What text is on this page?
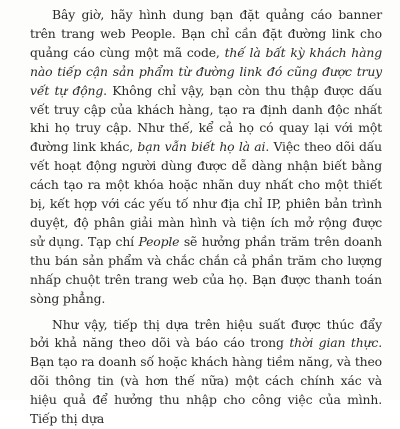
Bây giờ, hãy hình dung bạn đặt quảng cáo banner trên trang web People. Bạn chỉ cần đặt đường link cho quảng cáo cùng một mã code, thế là bất kỳ khách hàng nào tiếp cận sản phẩm từ đường link đó cũng được truy vết tự động. Không chỉ vậy, bạn còn thu thập được dấu vết truy cập của khách hàng, tạo ra định danh độc nhất khi họ truy cập. Như thế, kể cả họ có quay lại với một đường link khác, bạn vẫn biết họ là ai. Việc theo dõi dấu vết hoạt động người dùng được dễ dàng nhận biết bằng cách tạo ra một khóa hoặc nhãn duy nhất cho một thiết bị, kết hợp với các yếu tố như địa chỉ IP, phiên bản trình duyệt, độ phân giải màn hình và tiện ích mở rộng được sử dụng. Tạp chí People sẽ hưởng phần trăm trên doanh thu bán sản phẩm và chắc chắn cả phần trăm cho lượng nhấp chuột trên trang web của họ. Bạn được thanh toán sòng phẳng.

Như vậy, tiếp thị dựa trên hiệu suất được thúc đẩy bởi khả năng theo dõi và báo cáo trong thời gian thực. Bạn tạo ra doanh số hoặc khách hàng tiềm năng, và theo dõi thông tin (và hơn thế nữa) một cách chính xác và hiệu quả để hưởng thu nhập cho công việc của mình. Tiếp thị dựa
